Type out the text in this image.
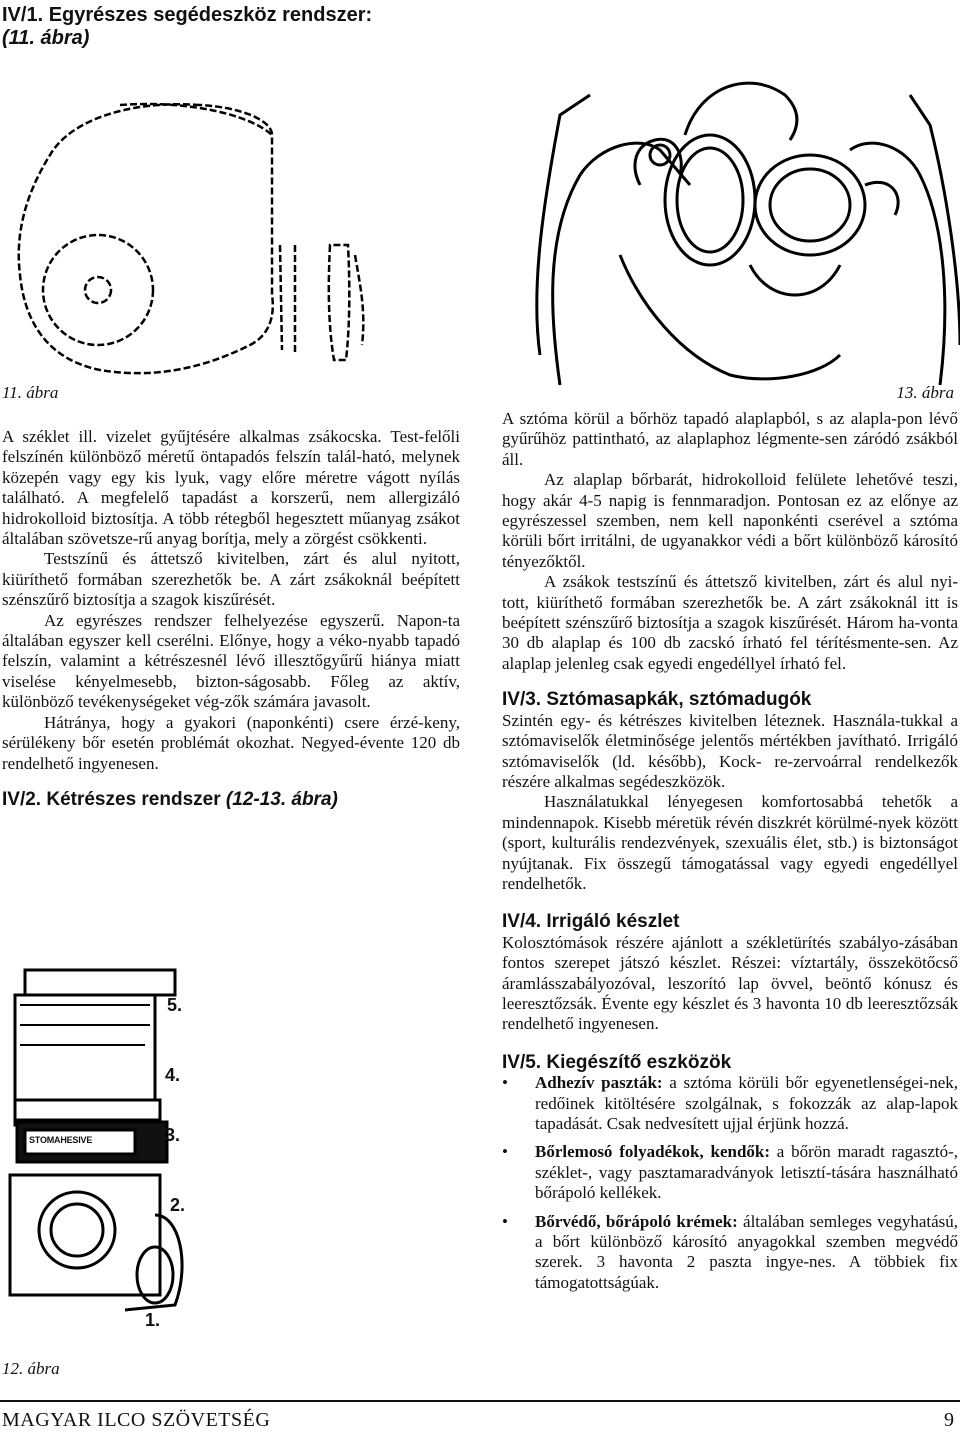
IV/1. Egyrészes segédeszköz rendszer:
(11. ábra)
11. ábra	13. ábra

A széklet ill. vizelet gyűjtésére alkalmas zsákocska. Test-felőli felszínén különböző méretű öntapadós felszín talál-ható, melynek közepén vagy egy kis lyuk, vagy előre méretre vágott nyílás található. A megfelelő tapadást a korszerű, nem allergizáló hidrokolloid biztosítja. A több rétegből hegesztett műanyag zsákot általában szövetsze-rű anyag borítja, mely a zörgést csökkenti.

Testszínű és áttetsző kivitelben, zárt és alul nyitott, kiüríthető formában szerezhetők be. A zárt zsákoknál beépített szénszűrő biztosítja a szagok kiszűrését.

Az egyrészes rendszer felhelyezése egyszerű. Napon-ta általában egyszer kell cserélni. Előnye, hogy a véko-nyabb tapadó felszín, valamint a kétrészesnél lévő illesztőgyűrű hiánya miatt viselése kényelmesebb, bizton-ságosabb. Főleg az aktív, különböző tevékenységeket vég-zők számára javasolt.

Hátránya, hogy a gyakori (naponkénti) csere érzé-keny, sérülékeny bőr esetén problémát okozhat. Negyed-évente 120 db rendelhető ingyenesen.

IV/2. Kétrészes rendszer (12-13. ábra)

STOMAHESIVE
5.
4.
3.
2.
1.
12. ábra

A sztóma körül a bőrhöz tapadó alaplapból, s az alapla-pon lévő gyűrűhöz pattintható, az alaplaphoz légmente-sen záródó zsákból áll.

Az alaplap bőrbarát, hidrokolloid felülete lehetővé teszi, hogy akár 4-5 napig is fennmaradjon. Pontosan ez az előnye az egyrészessel szemben, nem kell naponkénti cserével a sztóma körüli bőrt irritálni, de ugyanakkor védi a bőrt különböző károsító tényezőktől.

A zsákok testszínű és áttetsző kivitelben, zárt és alul nyi-tott, kiüríthető formában szerezhetők be. A zárt zsákoknál itt is beépített szénszűrő biztosítja a szagok kiszűrését. Három ha-vonta 30 db alaplap és 100 db zacskó írható fel térítésmente-sen. Az alaplap jelenleg csak egyedi engedéllyel írható fel.

IV/3. Sztómasapkák, sztómadugók

Szintén egy- és kétrészes kivitelben léteznek. Használa-tukkal a sztómaviselők életminősége jelentős mértékben javítható. Irrigáló sztómaviselők (ld. később), Kock- re-zervoárral rendelkezők részére alkalmas segédeszközök.

Használatukkal lényegesen komfortosabbá tehetők a mindennapok. Kisebb méretük révén diszkrét körülmé-nyek között (sport, kulturális rendezvények, szexuális élet, stb.) is biztonságot nyújtanak. Fix összegű támogatással vagy egyedi engedéllyel rendelhetők.

IV/4. Irrigáló készlet

Kolosztómások részére ajánlott a székletürítés szabályo-zásában fontos szerepet játszó készlet. Részei: víztartály, összekötőcső áramlásszabályozóval, leszorító lap övvel, beöntő kónusz és leeresztőzsák. Évente egy készlet és 3 havonta 10 db leeresztőzsák rendelhető ingyenesen.

IV/5. Kiegészítő eszközök

• Adhezív paszták: a sztóma körüli bőr egyenetlenségei-nek, redőinek kitöltésére szolgálnak, s fokozzák az alap-lapok tapadását. Csak nedvesített ujjal érjünk hozzá.
• Bőrlemosó folyadékok, kendők: a bőrön maradt ragasztó-, széklet-, vagy pasztamaradványok letisztí-tására használható bőrápoló kellékek.
• Bőrvédő, bőrápoló krémek: általában semleges vegyhatású, a bőrt különböző károsító anyagokkal szemben megvédő szerek. 3 havonta 2 paszta ingye-nes. A többiek fix támogatottságúak.
MAGYAR ILCO SZÖVETSÉG	9
